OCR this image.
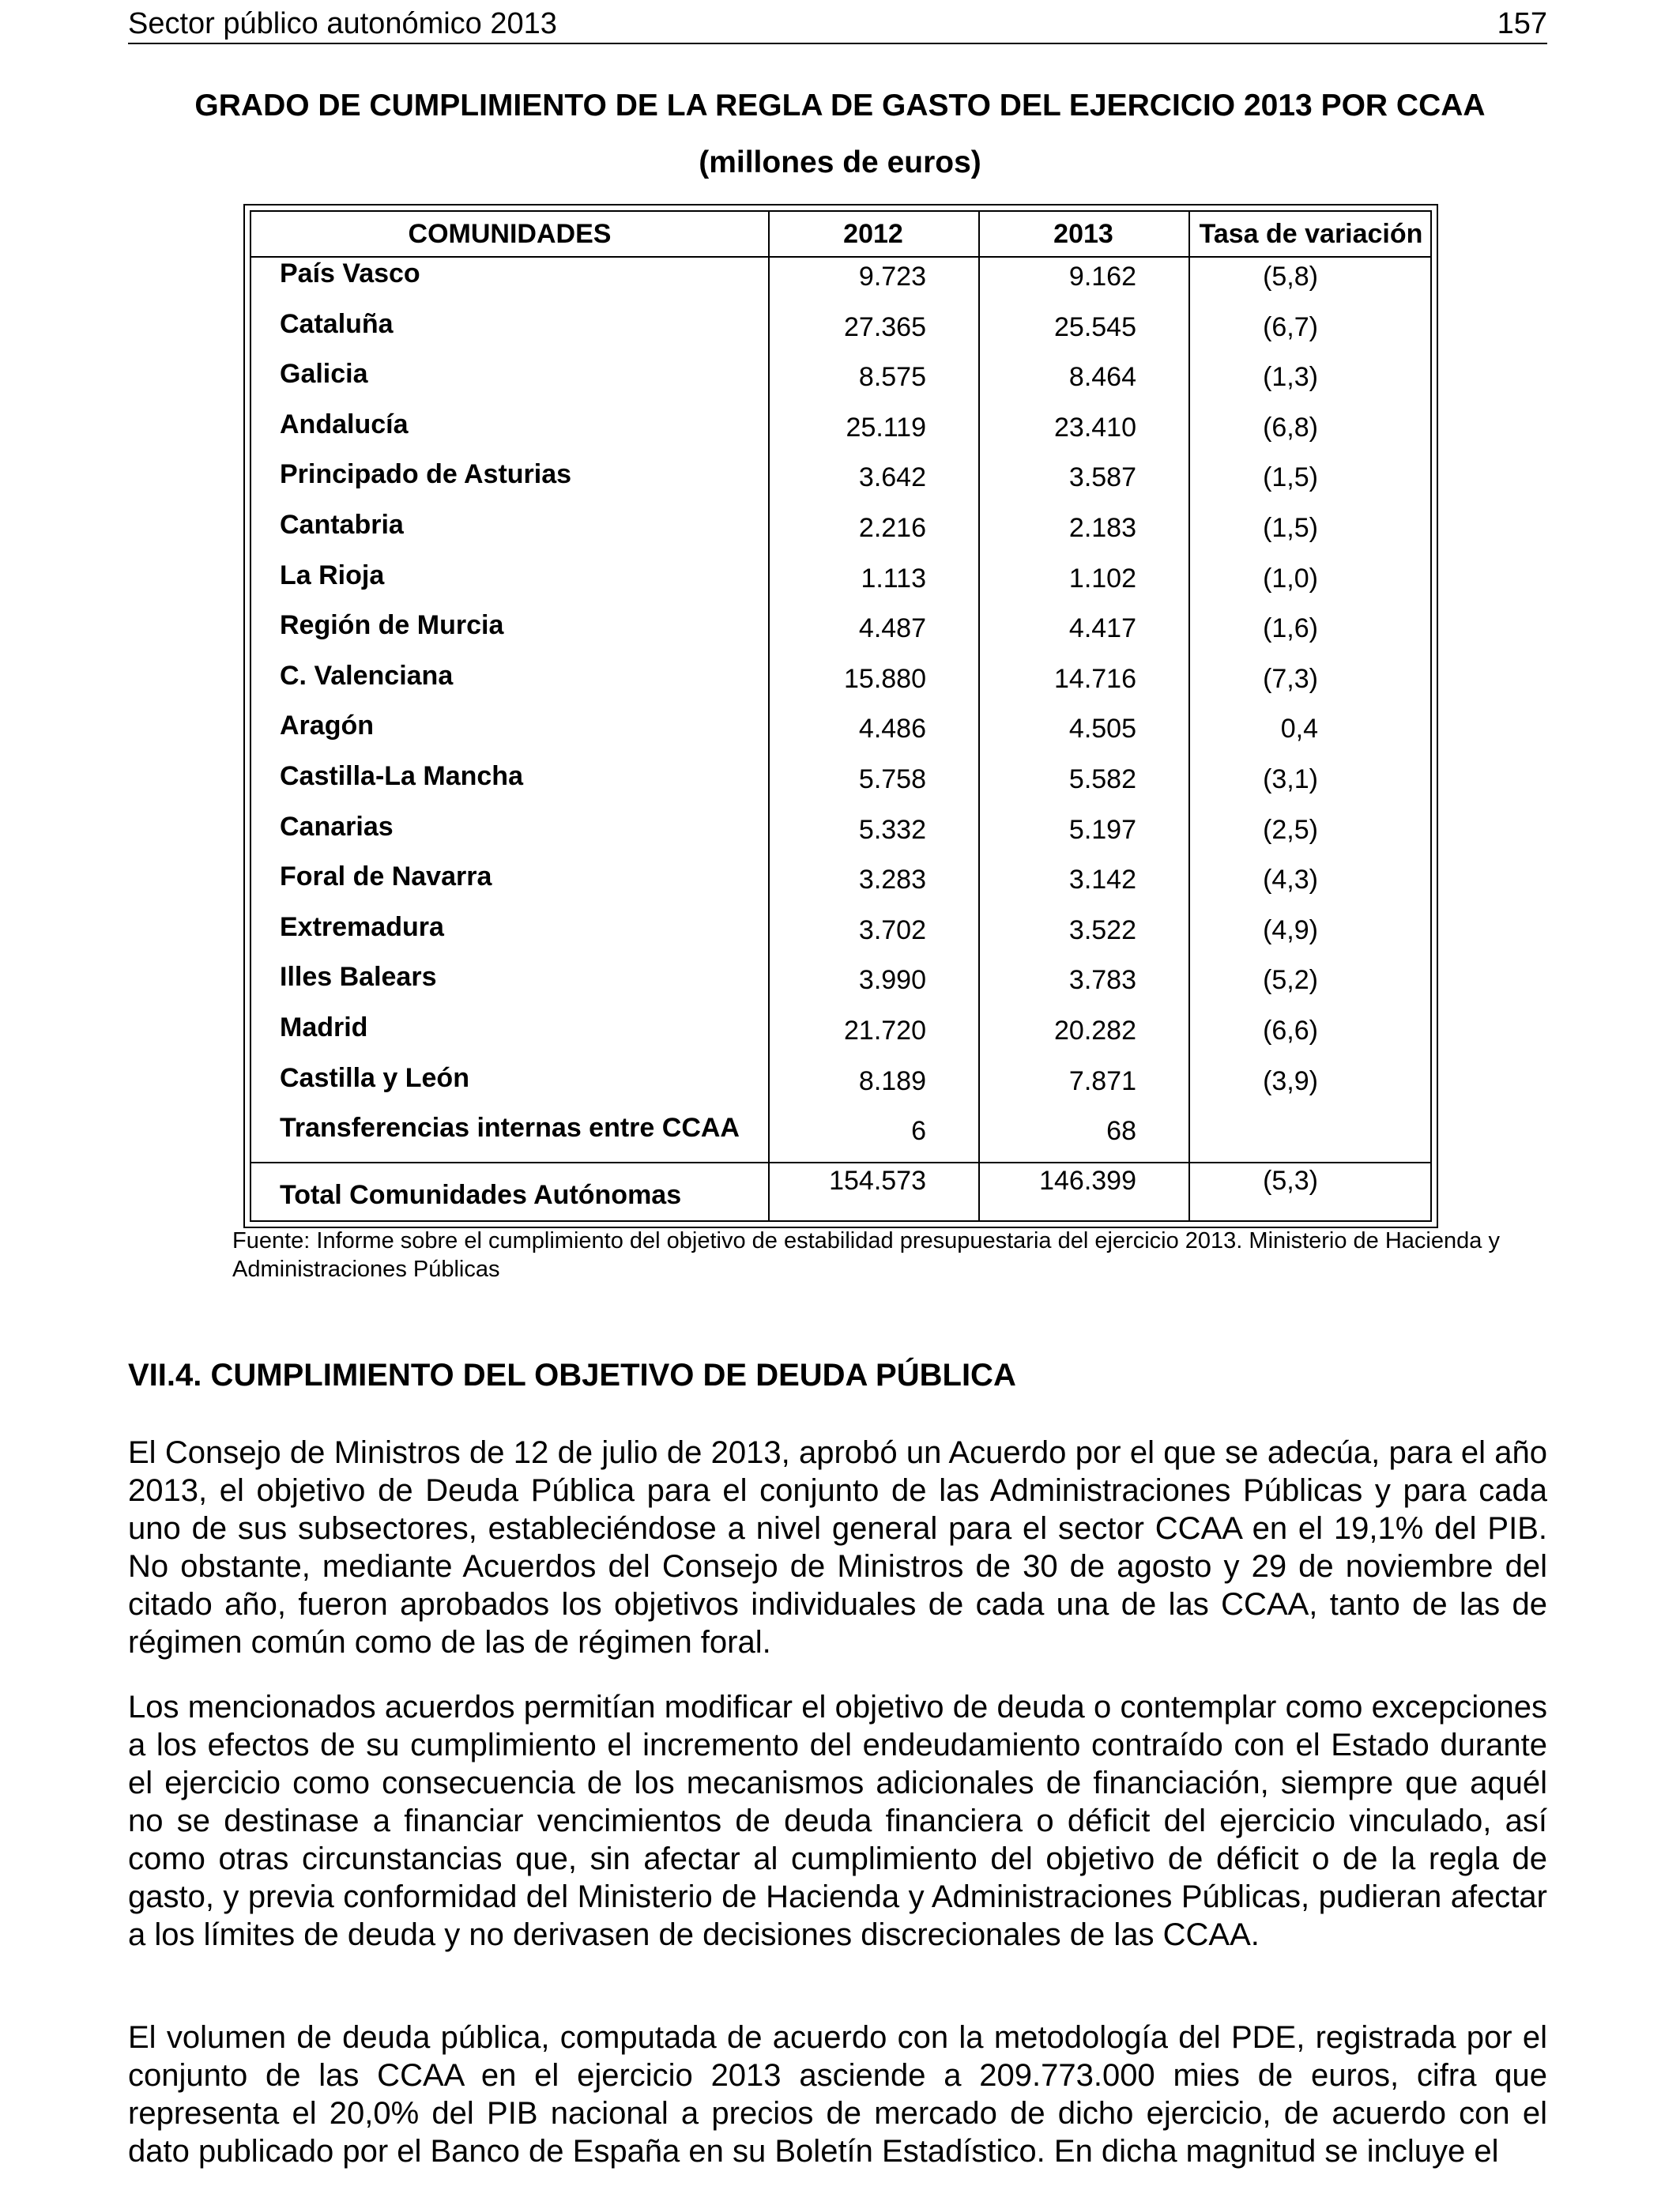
Sector público autonómico 2013	157
GRADO DE CUMPLIMIENTO DE LA REGLA DE GASTO DEL EJERCICIO 2013 POR CCAA
(millones de euros)
COMUNIDADES	2012	2013	Tasa de variación
País Vasco	9.723	9.162	(5,8)
Cataluña	27.365	25.545	(6,7)
Galicia	8.575	8.464	(1,3)
Andalucía	25.119	23.410	(6,8)
Principado de Asturias	3.642	3.587	(1,5)
Cantabria	2.216	2.183	(1,5)
La Rioja	1.113	1.102	(1,0)
Región de Murcia	4.487	4.417	(1,6)
C. Valenciana	15.880	14.716	(7,3)
Aragón	4.486	4.505	0,4
Castilla-La Mancha	5.758	5.582	(3,1)
Canarias	5.332	5.197	(2,5)
Foral de Navarra	3.283	3.142	(4,3)
Extremadura	3.702	3.522	(4,9)
Illes Balears	3.990	3.783	(5,2)
Madrid	21.720	20.282	(6,6)
Castilla y León	8.189	7.871	(3,9)
Transferencias internas entre CCAA	6	68
Total Comunidades Autónomas	154.573	146.399	(5,3)
Fuente: Informe sobre el cumplimiento del objetivo de estabilidad presupuestaria del ejercicio 2013. Ministerio de Hacienda y Administraciones Públicas
VII.4. CUMPLIMIENTO DEL OBJETIVO DE DEUDA PÚBLICA
El Consejo de Ministros de 12 de julio de 2013, aprobó un Acuerdo por el que se adecúa, para el año 2013, el objetivo de Deuda Pública para el conjunto de las Administraciones Públicas y para cada uno de sus subsectores, estableciéndose a nivel general para el sector CCAA en el 19,1% del PIB. No obstante, mediante Acuerdos del Consejo de Ministros de 30 de agosto y 29 de noviembre del citado año, fueron aprobados los objetivos individuales de cada una de las CCAA, tanto de las de régimen común como de las de régimen foral.
Los mencionados acuerdos permitían modificar el objetivo de deuda o contemplar como excepciones a los efectos de su cumplimiento el incremento del endeudamiento contraído con el Estado durante el ejercicio como consecuencia de los mecanismos adicionales de financiación, siempre que aquél no se destinase a financiar vencimientos de deuda financiera o déficit del ejercicio vinculado, así como otras circunstancias que, sin afectar al cumplimiento del objetivo de déficit o de la regla de gasto, y previa conformidad del Ministerio de Hacienda y Administraciones Públicas, pudieran afectar a los límites de deuda y no derivasen de decisiones discrecionales de las CCAA.
El volumen de deuda pública, computada de acuerdo con la metodología del PDE, registrada por el conjunto de las CCAA en el ejercicio 2013 asciende a 209.773.000 mies de euros, cifra que representa el 20,0% del PIB nacional a precios de mercado de dicho ejercicio, de acuerdo con el dato publicado por el Banco de España en su Boletín Estadístico. En dicha magnitud se incluye el
